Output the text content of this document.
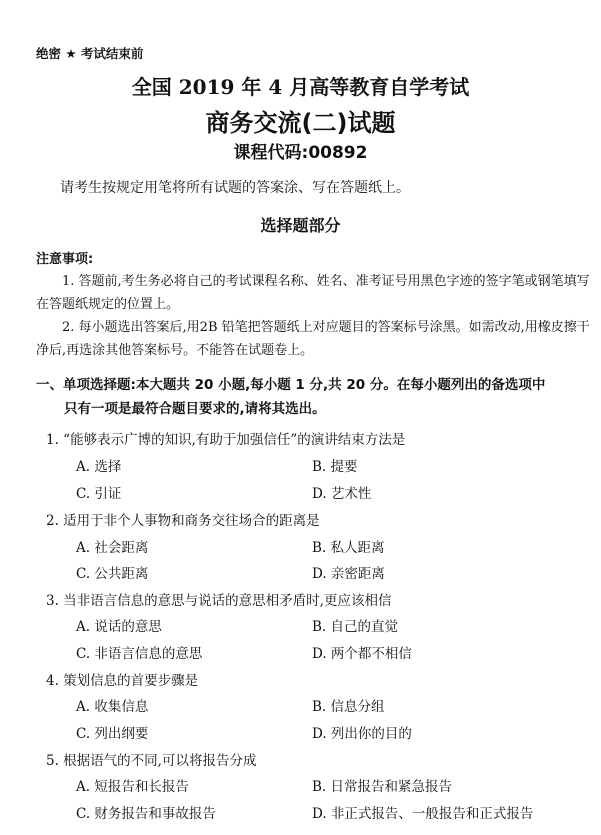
绝密 ★ 考试结束前
全国 2019 年 4 月高等教育自学考试
商务交流(二)试题
课程代码:00892
请考生按规定用笔将所有试题的答案涂、写在答题纸上。
选择题部分
注意事项:
1. 答题前,考生务必将自己的考试课程名称、姓名、准考证号用黑色字迹的签字笔或钢笔填写在答题纸规定的位置上。
2. 每小题选出答案后,用2B 铅笔把答题纸上对应题目的答案标号涂黑。如需改动,用橡皮擦干净后,再选涂其他答案标号。不能答在试题卷上。
一、单项选择题:本大题共 20 小题,每小题 1 分,共 20 分。在每小题列出的备选项中
只有一项是最符合题目要求的,请将其选出。
1. “能够表示广博的知识,有助于加强信任”的演讲结束方法是
A. 选择	B. 提要
C. 引证	D. 艺术性
2. 适用于非个人事物和商务交往场合的距离是
A. 社会距离	B. 私人距离
C. 公共距离	D. 亲密距离
3. 当非语言信息的意思与说话的意思相矛盾时,更应该相信
A. 说话的意思	B. 自己的直觉
C. 非语言信息的意思	D. 两个都不相信
4. 策划信息的首要步骤是
A. 收集信息	B. 信息分组
C. 列出纲要	D. 列出你的目的
5. 根据语气的不同,可以将报告分成
A. 短报告和长报告	B. 日常报告和紧急报告
C. 财务报告和事故报告	D. 非正式报告、一般报告和正式报告
